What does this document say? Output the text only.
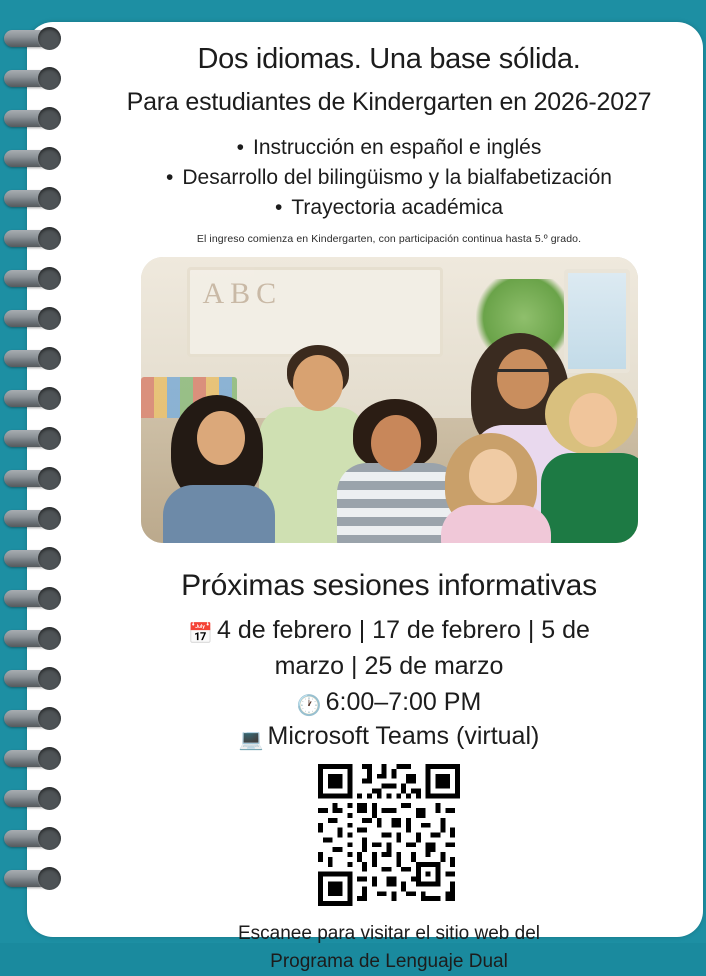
Dos idiomas. Una base sólida.
Para estudiantes de Kindergarten en 2026-2027
• Instrucción en español e inglés
• Desarrollo del bilingüismo y la bialfabetización
• Trayectoria académica
El ingreso comienza en Kindergarten, con participación continua hasta 5.º grado.
ABC
Próximas sesiones informativas
📅 4 de febrero | 17 de febrero | 5 de marzo | 25 de marzo
🕐 6:00–7:00 PM
💻 Microsoft Teams (virtual)
Escanee para visitar el sitio web del
Programa de Lenguaje Dual
